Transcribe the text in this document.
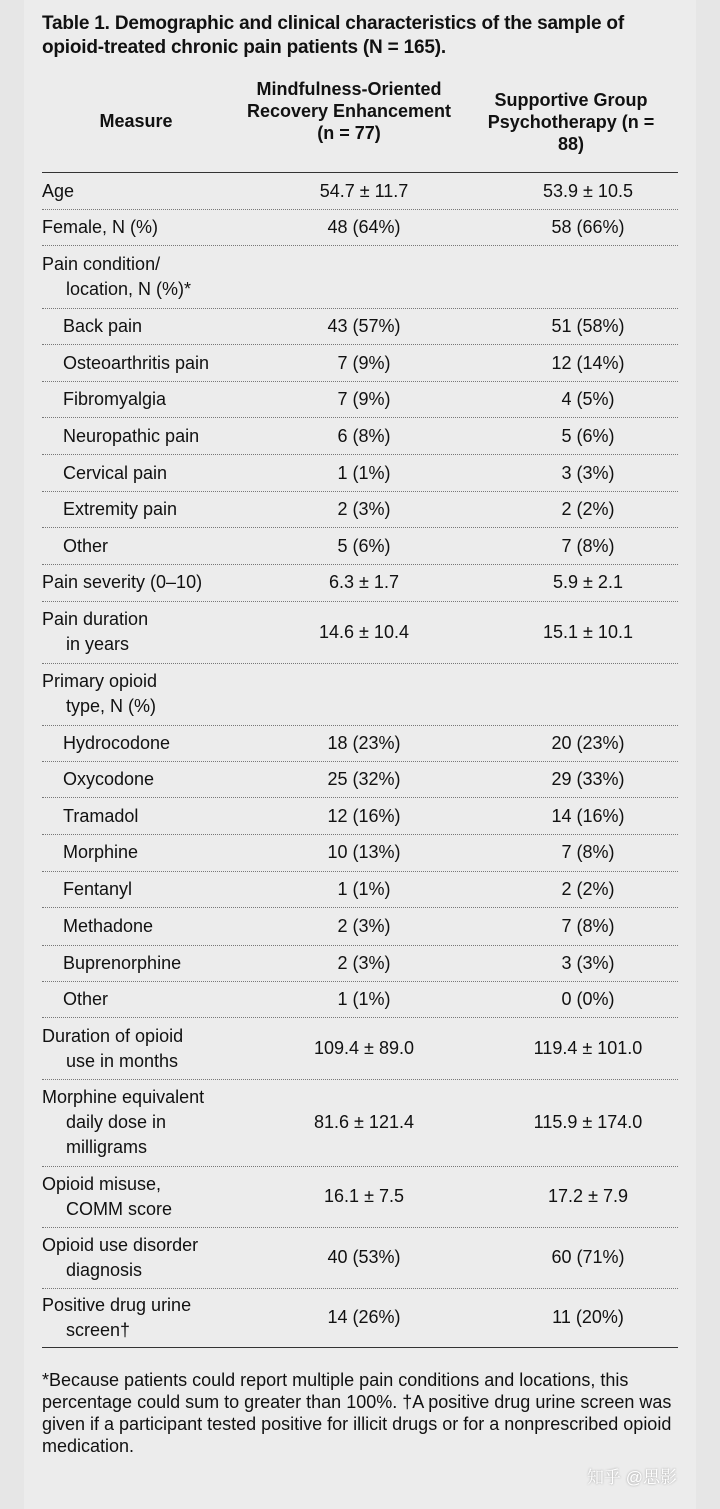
Table 1. Demographic and clinical characteristics of the sample of opioid-treated chronic pain patients (N = 165).
Measure
Mindfulness-Oriented Recovery Enhancement (n = 77)
Supportive Group Psychotherapy (n = 88)
Age	54.7 ± 11.7	53.9 ± 10.5
Female, N (%)	48 (64%)	58 (66%)
Pain condition/
location, N (%)*
Back pain	43 (57%)	51 (58%)
Osteoarthritis pain	7 (9%)	12 (14%)
Fibromyalgia	7 (9%)	4 (5%)
Neuropathic pain	6 (8%)	5 (6%)
Cervical pain	1 (1%)	3 (3%)
Extremity pain	2 (3%)	2 (2%)
Other	5 (6%)	7 (8%)
Pain severity (0–10)	6.3 ± 1.7	5.9 ± 2.1
Pain duration
in years
14.6 ± 10.4	15.1 ± 10.1
Primary opioid
type, N (%)
Hydrocodone	18 (23%)	20 (23%)
Oxycodone	25 (32%)	29 (33%)
Tramadol	12 (16%)	14 (16%)
Morphine	10 (13%)	7 (8%)
Fentanyl	1 (1%)	2 (2%)
Methadone	2 (3%)	7 (8%)
Buprenorphine	2 (3%)	3 (3%)
Other	1 (1%)	0 (0%)
Duration of opioid
use in months
109.4 ± 89.0	119.4 ± 101.0
Morphine equivalent
daily dose in milligrams
81.6 ± 121.4	115.9 ± 174.0
Opioid misuse,
COMM score
16.1 ± 7.5	17.2 ± 7.9
Opioid use disorder
diagnosis
40 (53%)	60 (71%)
Positive drug urine
screen†
14 (26%)	11 (20%)
*Because patients could report multiple pain conditions and locations, this percentage could sum to greater than 100%. †A positive drug urine screen was given if a participant tested positive for illicit drugs or for a nonprescribed opioid medication.
知乎 @思影
